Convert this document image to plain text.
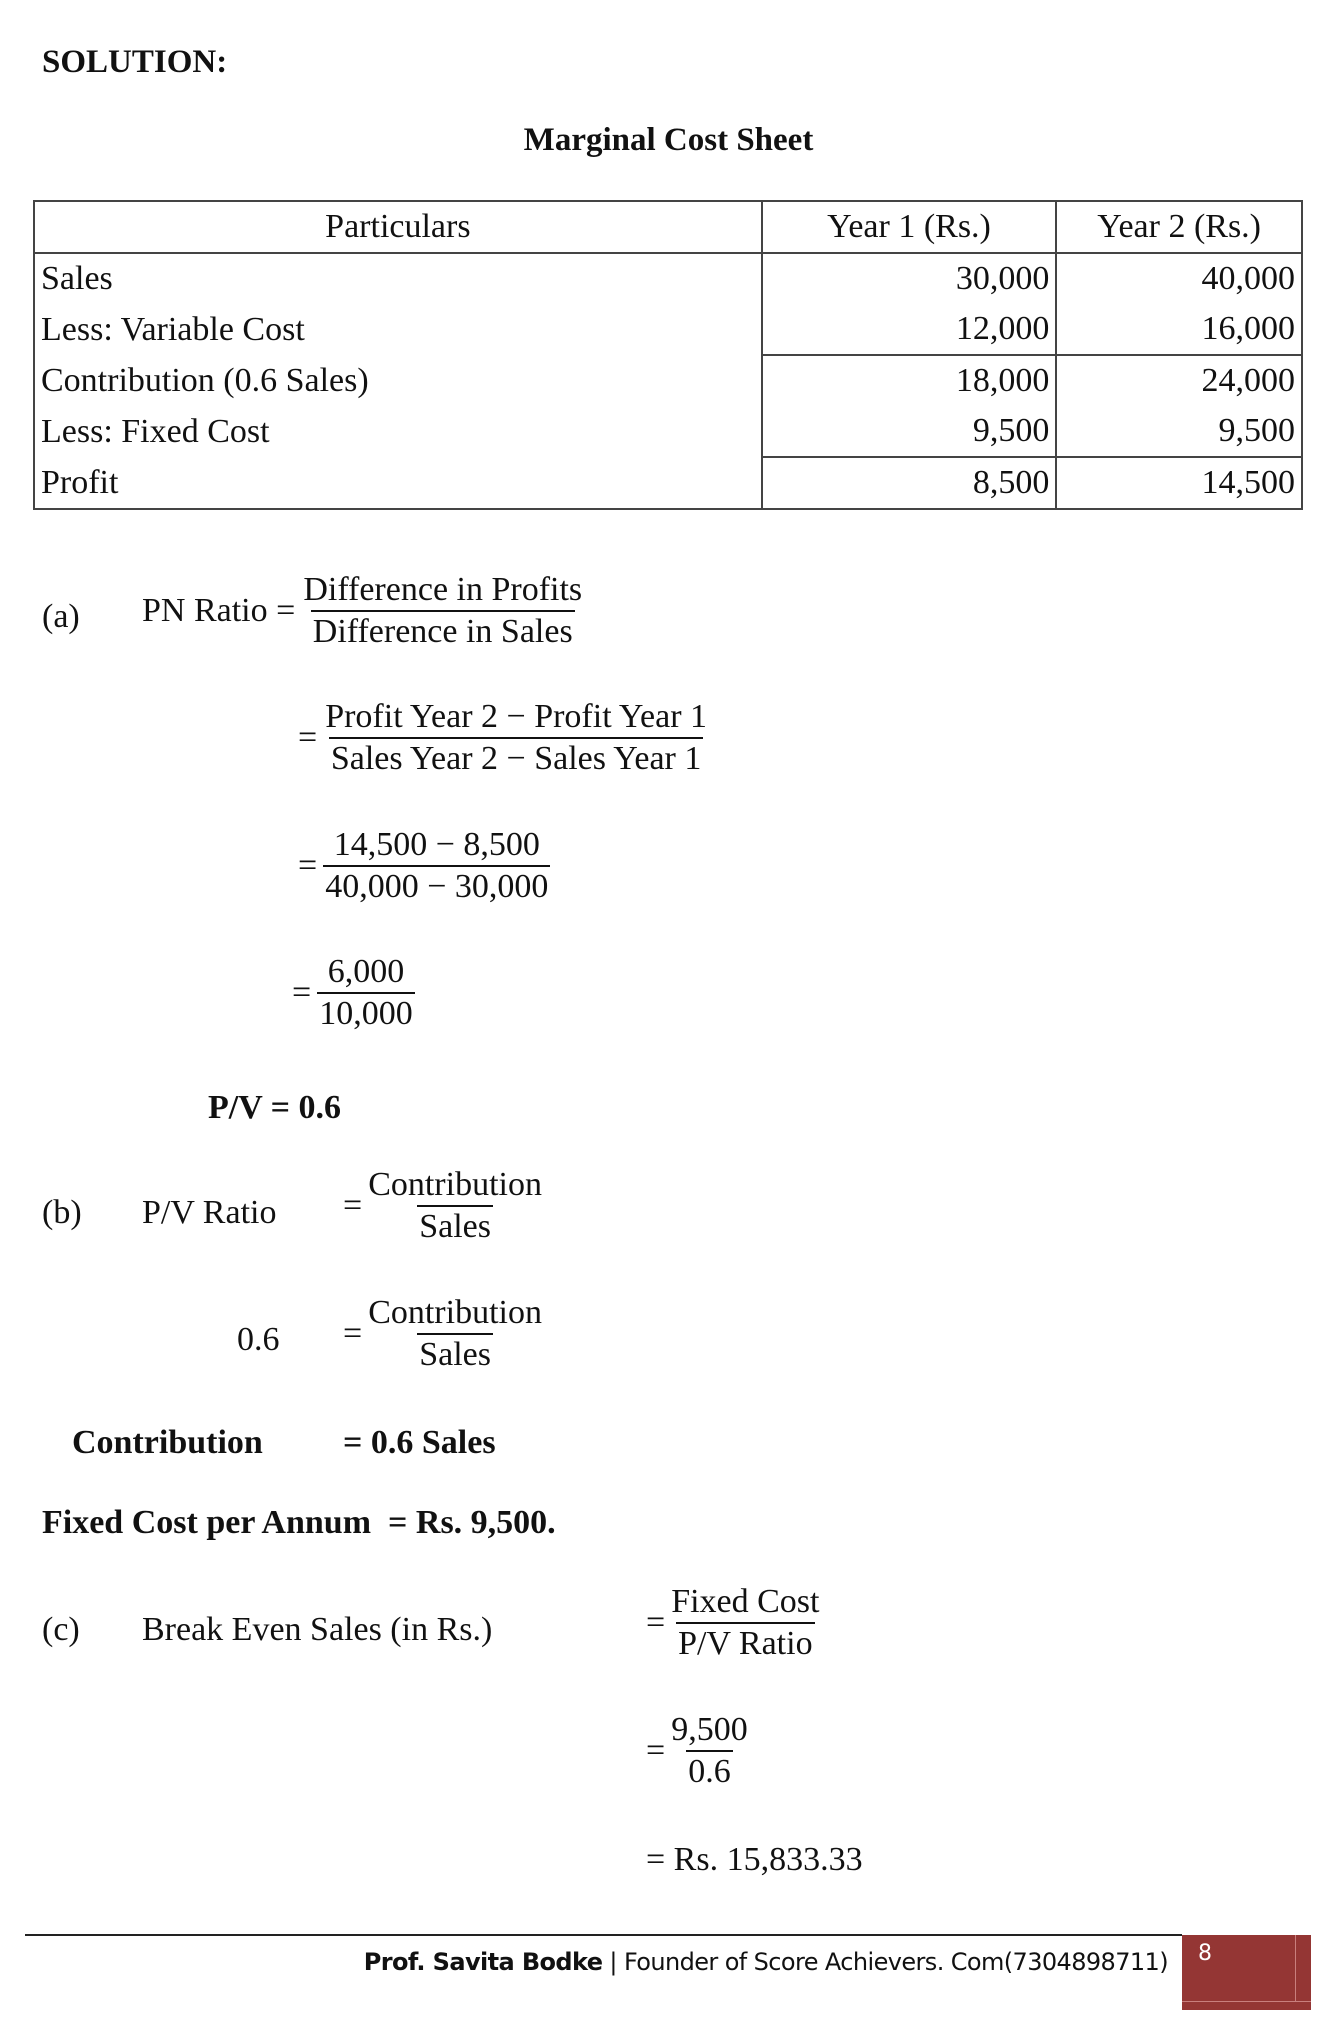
SOLUTION:
Marginal Cost Sheet
Particulars	Year 1 (Rs.)	Year 2 (Rs.)
Sales	30,000	40,000
Less: Variable Cost	12,000	16,000
Contribution (0.6 Sales)	18,000	24,000
Less: Fixed Cost	9,500	9,500
Profit	8,500	14,500
(a) PN Ratio = $\frac{\text{Difference in Profits}}{\text{Difference in Sales}}$
= $\frac{\text{Profit Year 2 − Profit Year 1}}{\text{Sales Year 2 − Sales Year 1}}$
= $\frac{14,500 - 8,500}{40,000 - 30,000}$
= $\frac{6,000}{10,000}$
P/V = 0.6
(b) P/V Ratio = $\frac{\text{Contribution}}{\text{Sales}}$
$0.6 = \frac{\text{Contribution}}{\text{Sales}}$
Contribution = 0.6 Sales
Fixed Cost per Annum  = Rs. 9,500.
(c) Break Even Sales (in Rs.)	= $\frac{\text{Fixed Cost}}{\text{P/V Ratio}}$
= $\frac{9,500}{0.6}$
= Rs. 15,833.33
Prof. Savita Bodke | Founder of Score Achievers. Com(7304898711) 8
